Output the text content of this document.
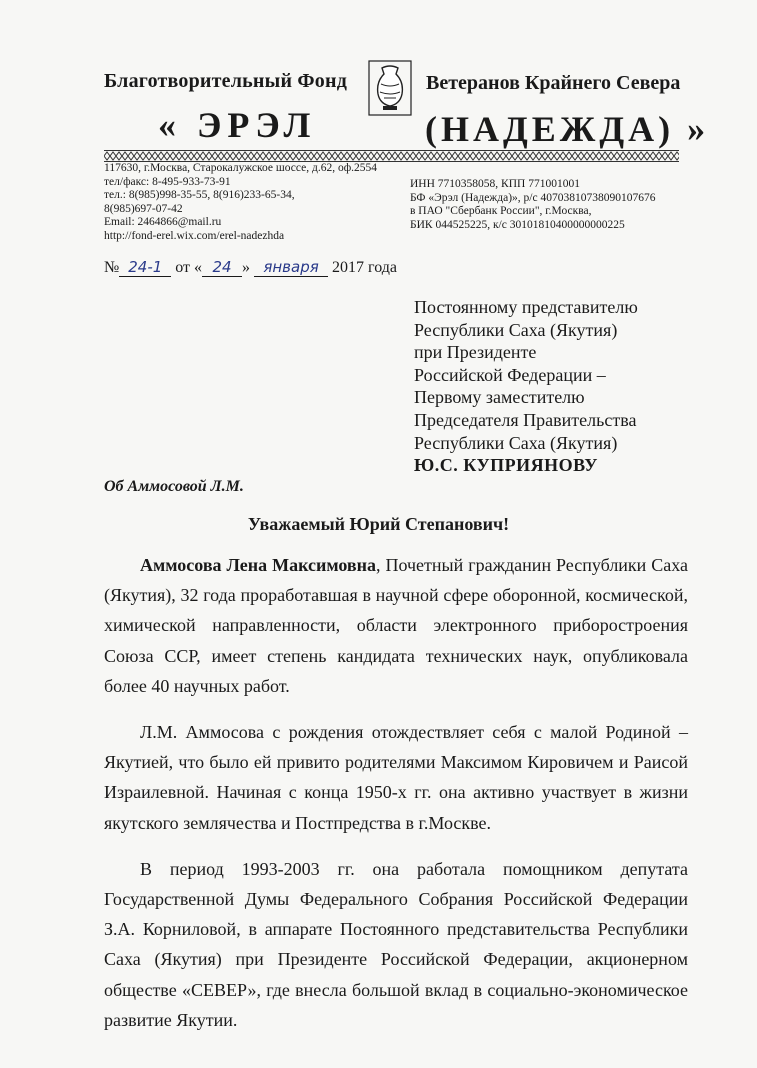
Благотворительный Фонд	Ветеранов Крайнего Севера
« ЭРЭЛ	(НАДЕЖДА) »
117630, г.Москва, Старокалужское шоссе, д.62, оф.2554
тел/факс: 8-495-933-73-91
тел.: 8(985)998-35-55, 8(916)233-65-34,
8(985)697-07-42
Email: 2464866@mail.ru
http://fond-erel.wix.com/erel-nadezhda
ИНН 7710358058, КПП 771001001
БФ «Эрэл (Надежда)», р/с 40703810738090107676
в ПАО "Сбербанк России", г.Москва,
БИК 044525225, к/с 30101810400000000225
№ 24-1 от « 24 » января 2017 года
Постоянному представителю
Республики Саха (Якутия)
при Президенте
Российской Федерации –
Первому заместителю
Председателя Правительства
Республики Саха (Якутия)
Ю.С. КУПРИЯНОВУ
Об Аммосовой Л.М.
Уважаемый Юрий Степанович!

Аммосова Лена Максимовна, Почетный гражданин Республики Саха (Якутия), 32 года проработавшая в научной сфере оборонной, космической, химической направленности, области электронного приборостроения Союза ССР, имеет степень кандидата технических наук, опубликовала более 40 научных работ.

Л.М. Аммосова с рождения отождествляет себя с малой Родиной – Якутией, что было ей привито родителями Максимом Кировичем и Раисой Израилевной. Начиная с конца 1950-х гг. она активно участвует в жизни якутского землячества и Постпредства в г.Москве.

В период 1993-2003 гг. она работала помощником депутата Государственной Думы Федерального Собрания Российской Федерации З.А. Корниловой, в аппарате Постоянного представительства Республики Саха (Якутия) при Президенте Российской Федерации, акционерном обществе «СЕВЕР», где внесла большой вклад в социально-экономическое развитие Якутии.
